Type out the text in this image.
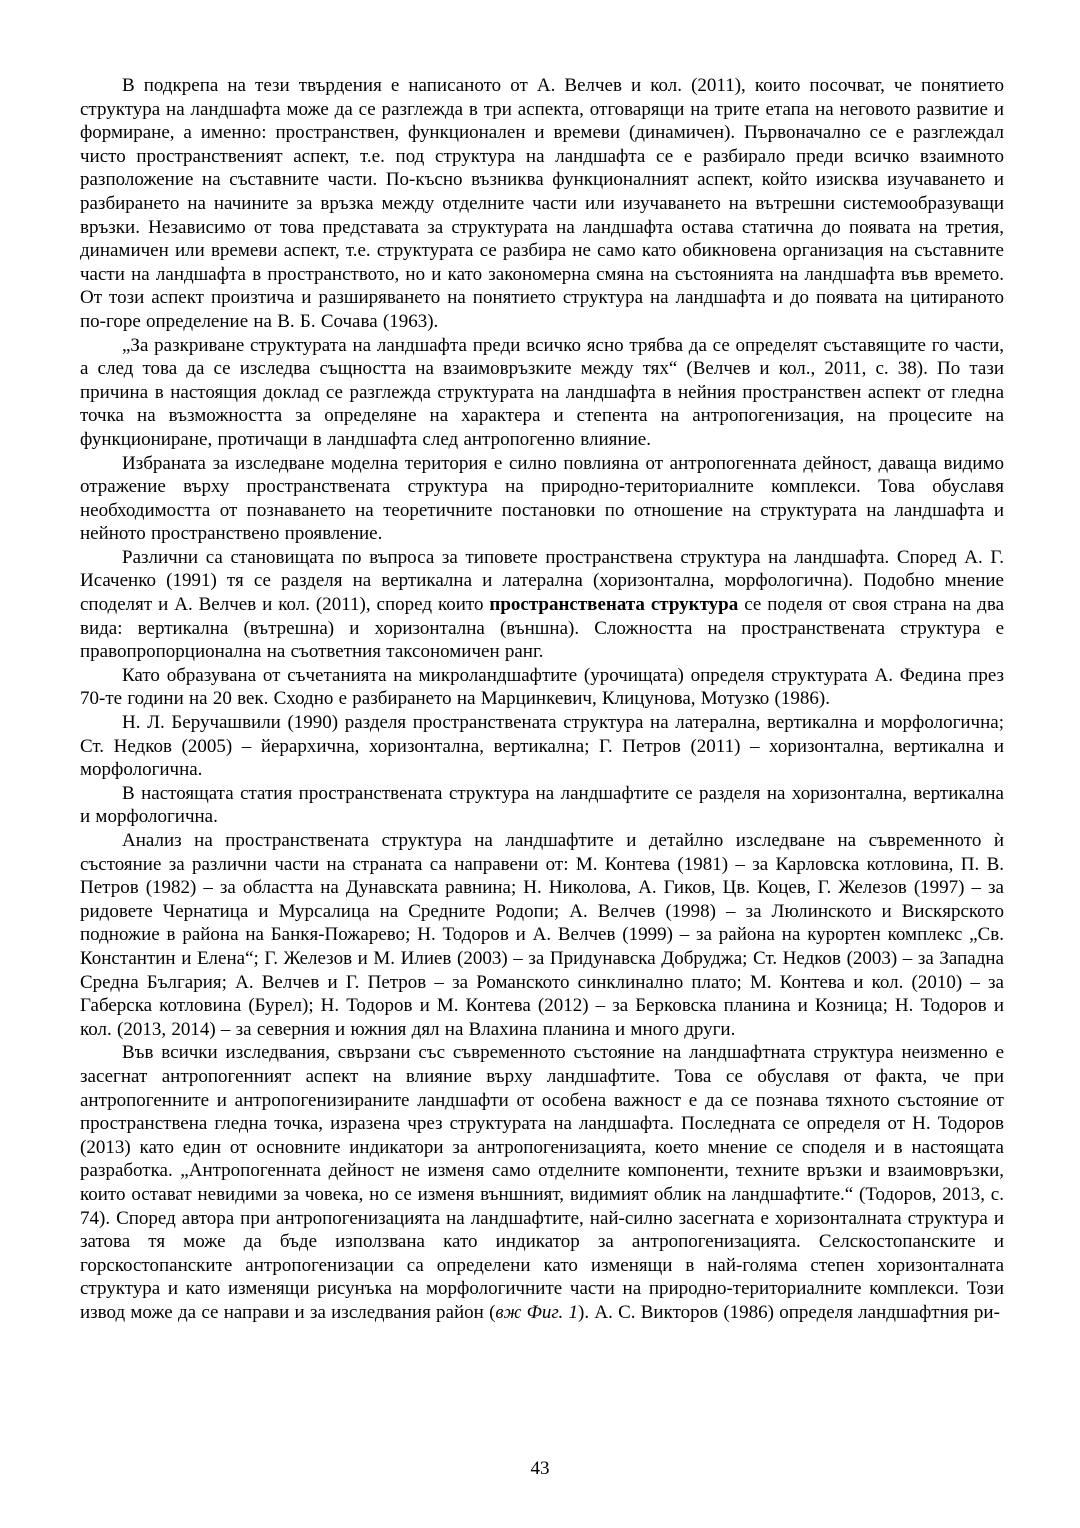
В подкрепа на тези твърдения е написаното от А. Велчев и кол. (2011), които посочват, че понятието структура на ландшафта може да се разглежда в три аспекта, отговарящи на трите етапа на неговото развитие и формиране, а именно: пространствен, функционален и времеви (динамичен). Първоначално се е разглеждал чисто пространственият аспект, т.е. под структура на ландшафта се е разбирало преди всичко взаимното разположение на съставните части. По-късно възниква функционалният аспект, който изисква изучаването и разбирането на начините за връзка между отделните части или изучаването на вътрешни системообразуващи връзки. Независимо от това представата за структурата на ландшафта остава статична до появата на третия, динамичен или времеви аспект, т.е. структурата се разбира не само като обикновена организация на съставните части на ландшафта в пространството, но и като закономерна смяна на състоянията на ландшафта във времето. От този аспект произтича и разширяването на понятието структура на ландшафта и до появата на цитираното по-горе определение на В. Б. Сочава (1963).

„За разкриване структурата на ландшафта преди всичко ясно трябва да се определят съставящите го части, а след това да се изследва същността на взаимовръзките между тях“ (Велчев и кол., 2011, с. 38). По тази причина в настоящия доклад се разглежда структурата на ландшафта в нейния пространствен аспект от гледна точка на възможността за определяне на характера и степента на антропогенизация, на процесите на функциониране, протичащи в ландшафта след антропогенно влияние.

Избраната за изследване моделна територия е силно повлияна от антропогенната дейност, даваща видимо отражение върху пространствената структура на природно-териториалните комплекси. Това обуславя необходимостта от познаването на теоретичните постановки по отношение на структурата на ландшафта и нейното пространствено проявление.

Различни са становищата по въпроса за типовете пространствена структура на ландшафта. Според А. Г. Исаченко (1991) тя се разделя на вертикална и латерална (хоризонтална, морфологична). Подобно мнение споделят и А. Велчев и кол. (2011), според които пространствената структура се поделя от своя страна на два вида: вертикална (вътрешна) и хоризонтална (външна). Сложността на пространствената структура е правопропорционална на съответния таксономичен ранг.

Като образувана от съчетанията на микроландшафтите (урочищата) определя структурата А. Федина през 70-те години на 20 век. Сходно е разбирането на Марцинкевич, Клицунова, Мотузко (1986).

Н. Л. Беручашвили (1990) разделя пространствената структура на латерална, вертикална и морфологична; Ст. Недков (2005) – йерархична, хоризонтална, вертикална; Г. Петров (2011) – хоризонтална, вертикална и морфологична.

В настоящата статия пространствената структура на ландшафтите се разделя на хоризонтална, вертикална и морфологична.

Анализ на пространствената структура на ландшафтите и детайлно изследване на съвременното ѝ състояние за различни части на страната са направени от: М. Контева (1981) – за Карловска котловина, П. В. Петров (1982) – за областта на Дунавската равнина; Н. Николова, А. Гиков, Цв. Коцев, Г. Железов (1997) – за ридовете Чернатица и Мурсалица на Средните Родопи; А. Велчев (1998) – за Люлинското и Вискярското подножие в района на Банкя-Пожарево; Н. Тодоров и А. Велчев (1999) – за района на курортен комплекс „Св. Константин и Елена“; Г. Железов и М. Илиев (2003) – за Придунавска Добруджа; Ст. Недков (2003) – за Западна Средна България; А. Велчев и Г. Петров – за Романското синклинално плато; М. Контева и кол. (2010) – за Габерска котловина (Бурел); Н. Тодоров и М. Контева (2012) – за Берковска планина и Козница; Н. Тодоров и кол. (2013, 2014) – за северния и южния дял на Влахина планина и много други.

Във всички изследвания, свързани със съвременното състояние на ландшафтната структура неизменно е засегнат антропогенният аспект на влияние върху ландшафтите. Това се обуславя от факта, че при антропогенните и антропогенизираните ландшафти от особена важност е да се познава тяхното състояние от пространствена гледна точка, изразена чрез структурата на ландшафта. Последната се определя от Н. Тодоров (2013) като един от основните индикатори за антропогенизацията, което мнение се споделя и в настоящата разработка. „Антропогенната дейност не изменя само отделните компоненти, техните връзки и взаимовръзки, които остават невидими за човека, но се изменя външният, видимият облик на ландшафтите.“ (Тодоров, 2013, с. 74). Според автора при антропогенизацията на ландшафтите, най-силно засегната е хоризонталната структура и затова тя може да бъде използвана като индикатор за антропогенизацията. Селскостопанските и горскостопанските антропогенизации са определени като изменящи в най-голяма степен хоризонталната структура и като изменящи рисунъка на морфологичните части на природно-териториалните комплекси. Този извод може да се направи и за изследвания район (вж Фиг. 1). А. С. Викторов (1986) определя ландшафтния ри-

43
